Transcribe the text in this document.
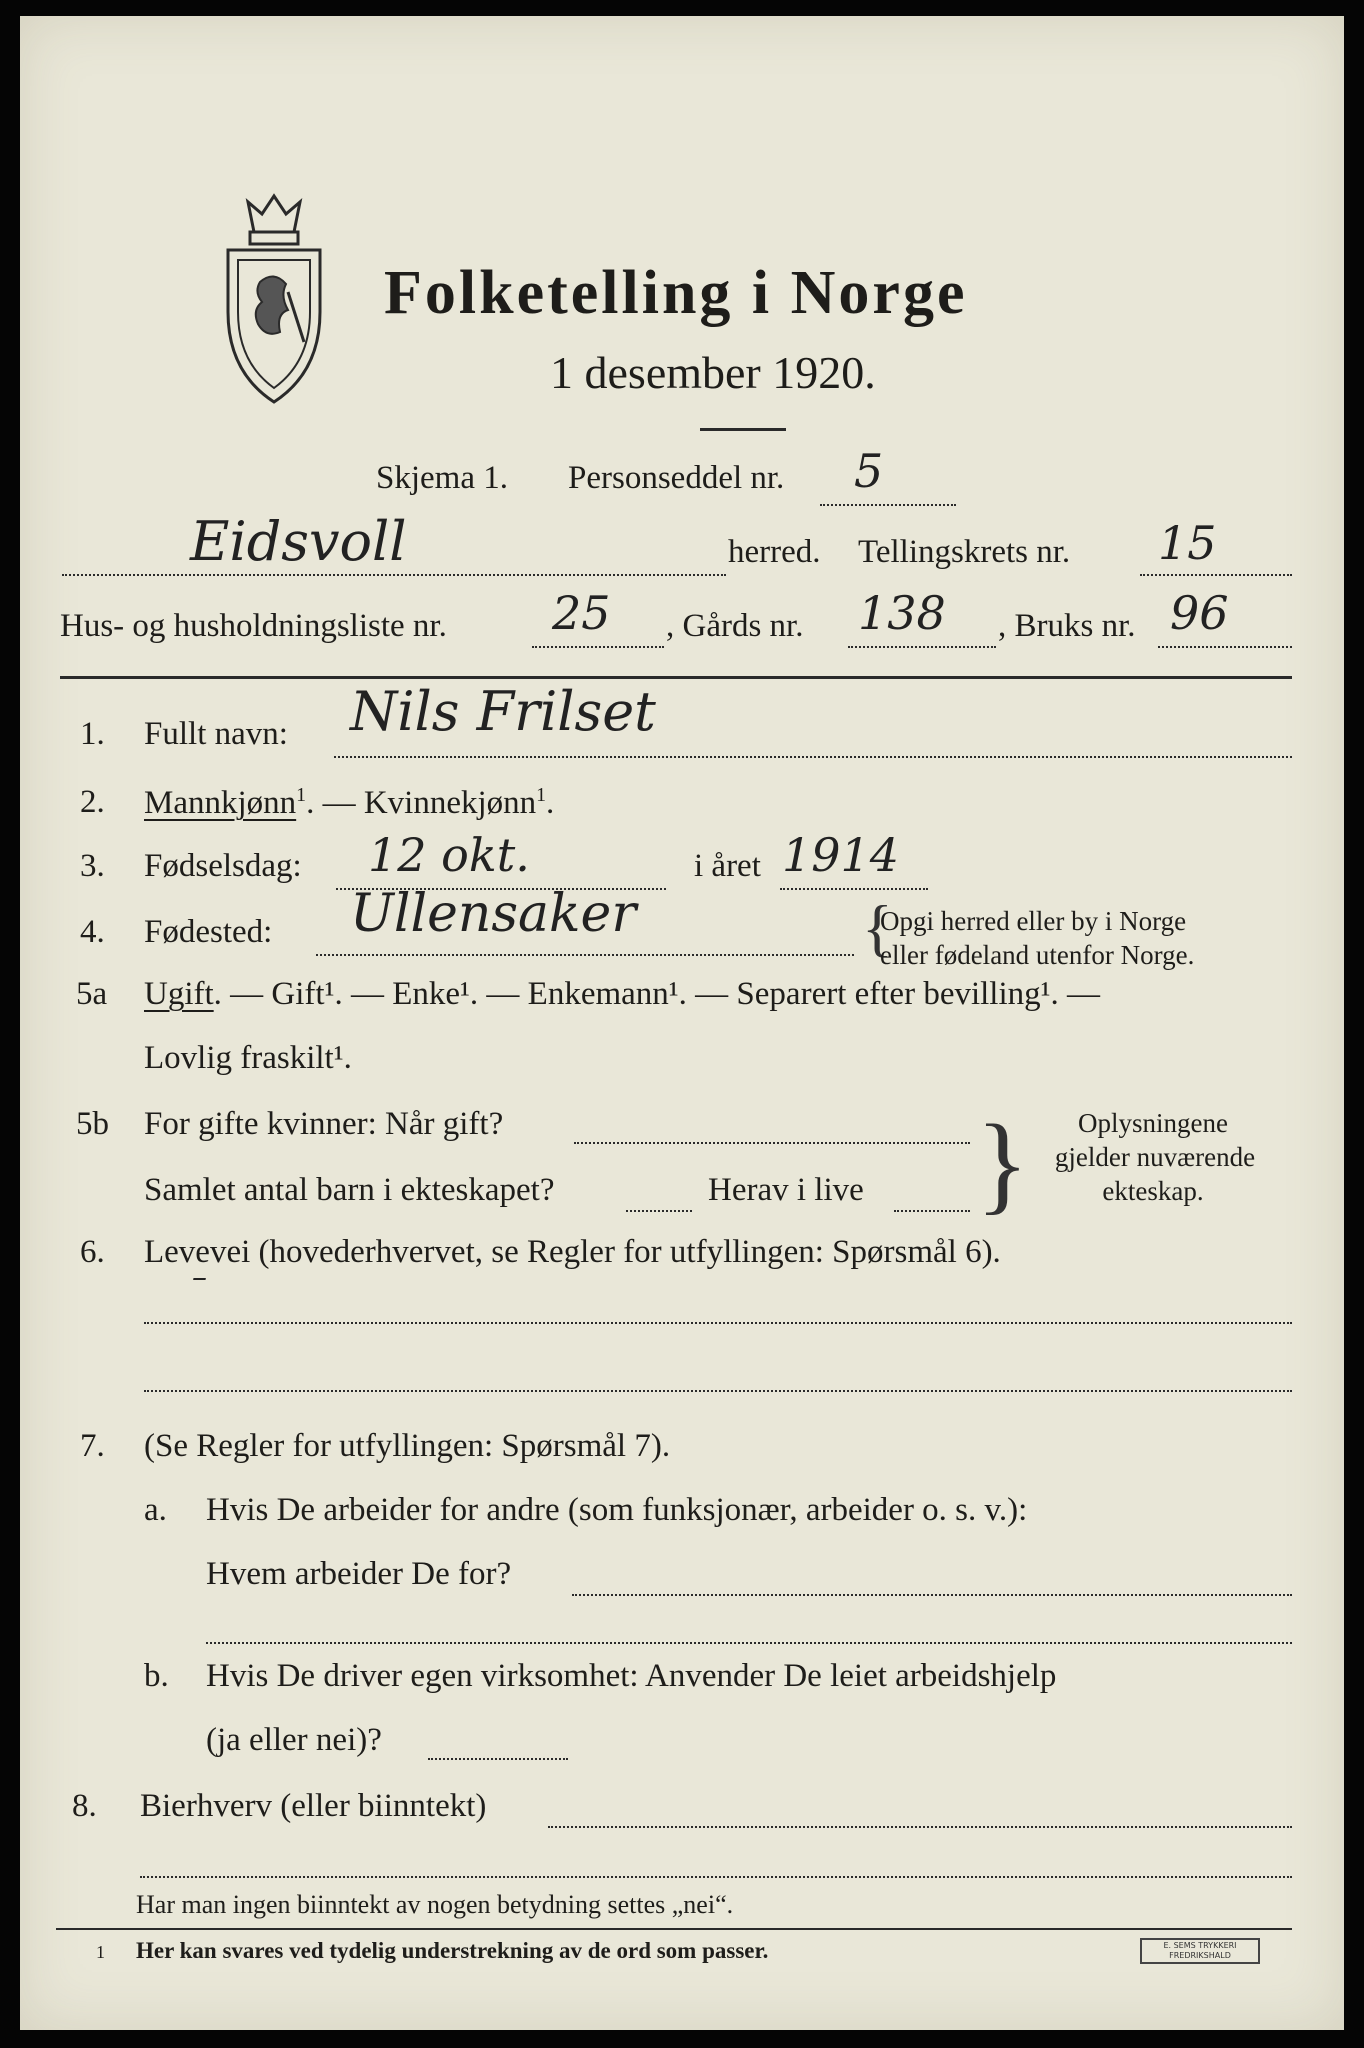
Folketelling i Norge
1 desember 1920.
Skjema 1. Personseddel nr. 5
Eidsvoll	herred. Tellingskrets nr. 15
Hus- og husholdningsliste nr. 25 , Gårds nr. 138 , Bruks nr. 96
1. Fullt navn: Nils Frilset
2. Mannkjønn$^1$. — Kvinnekjønn$^1$.
3. Fødselsdag: 12 okt.	i året 1914
4. Fødested: Ullensaker	{
Opgi herred eller by i Norge
eller fødeland utenfor Norge.
5a Ugift. — Gift¹. — Enke¹. — Enkemann¹. — Separert efter bevilling¹. —
Lovlig fraskilt¹.
5b For gifte kvinner: Når gift?
Samlet antal barn i ekteskapet?	Herav i live }	Oplysningene
gjelder nuværende
ekteskap.
6. Levevei (hovederhvervet, se Regler for utfyllingen: Spørsmål 6).
–
7. (Se Regler for utfyllingen: Spørsmål 7).
a. Hvis De arbeider for andre (som funksjonær, arbeider o. s. v.):
Hvem arbeider De for?
b. Hvis De driver egen virksomhet: Anvender De leiet arbeidshjelp
(ja eller nei)?
8. Bierhverv (eller biinntekt)
Har man ingen biinntekt av nogen betydning settes „nei“.
1 Her kan svares ved tydelig understrekning av de ord som passer.	E. SEMS TRYKKERI
FREDRIKSHALD
